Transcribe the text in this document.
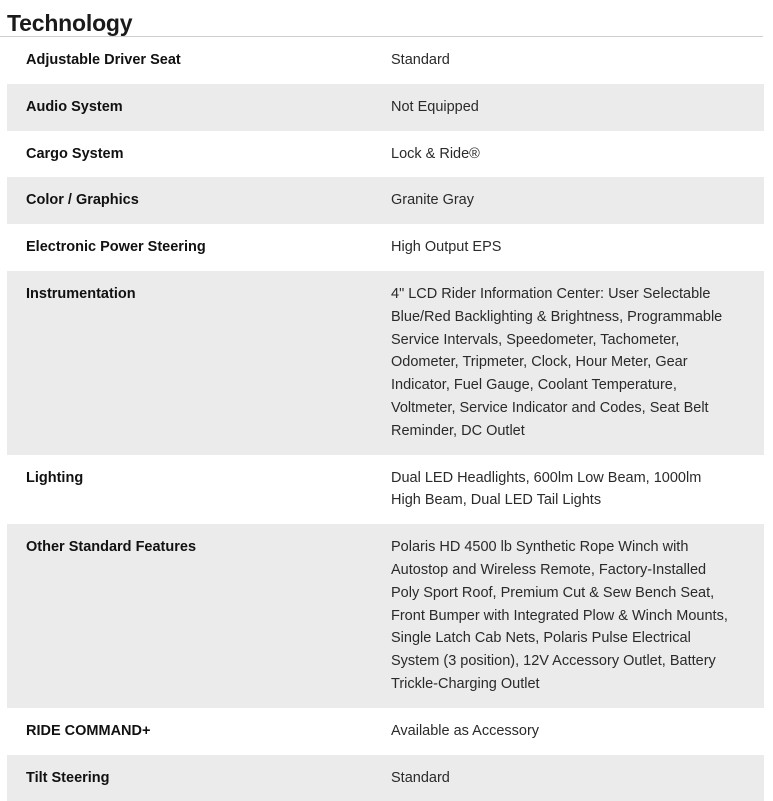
Technology
Adjustable Driver Seat	Standard
Audio System	Not Equipped
Cargo System	Lock & Ride®
Color / Graphics	Granite Gray
Electronic Power Steering	High Output EPS
Instrumentation	4" LCD Rider Information Center: User Selectable Blue/Red Backlighting & Brightness, Programmable Service Intervals, Speedometer, Tachometer, Odometer, Tripmeter, Clock, Hour Meter, Gear Indicator, Fuel Gauge, Coolant Temperature, Voltmeter, Service Indicator and Codes, Seat Belt Reminder, DC Outlet
Lighting	Dual LED Headlights, 600lm Low Beam, 1000lm High Beam, Dual LED Tail Lights
Other Standard Features	Polaris HD 4500 lb Synthetic Rope Winch with Autostop and Wireless Remote, Factory-Installed Poly Sport Roof, Premium Cut & Sew Bench Seat, Front Bumper with Integrated Plow & Winch Mounts, Single Latch Cab Nets, Polaris Pulse Electrical System (3 position), 12V Accessory Outlet, Battery Trickle-Charging Outlet
RIDE COMMAND+	Available as Accessory
Tilt Steering	Standard
